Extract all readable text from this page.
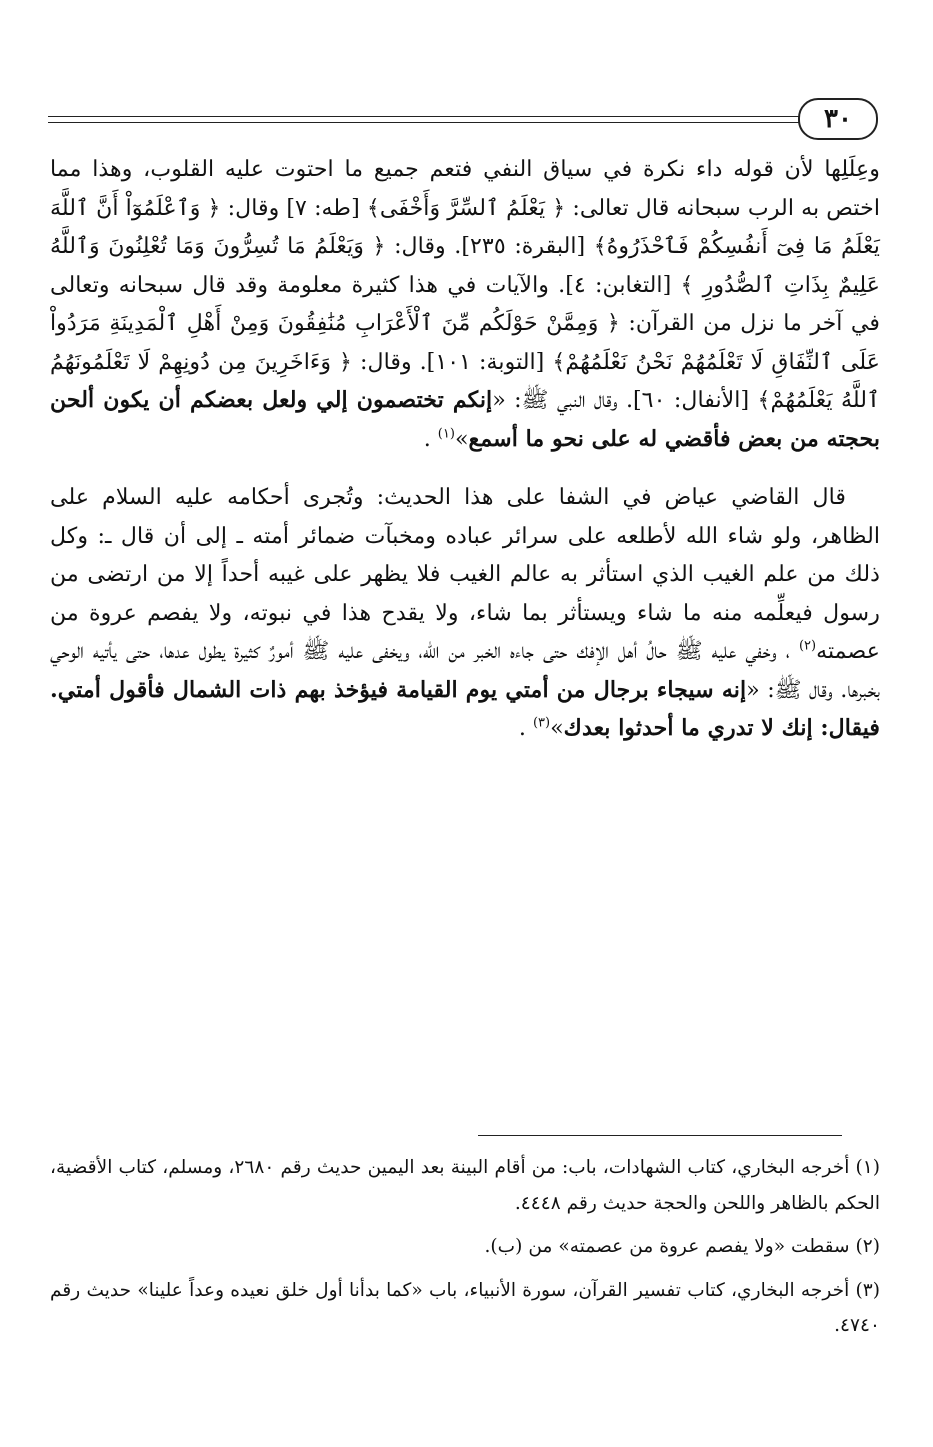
٣٠

وعِلَلِها لأن قوله داء نكرة في سياق النفي فتعم جميع ما احتوت عليه القلوب، وهذا مما اختص به الرب سبحانه قال تعالى: ﴿ يَعْلَمُ ٱلسِّرَّ وَأَخْفَى﴾ [طه: ٧] وقال: ﴿ وَٱعْلَمُوٓاْ أَنَّ ٱللَّهَ يَعْلَمُ مَا فِىٓ أَنفُسِكُمْ فَٱحْذَرُوهُ﴾ [البقرة: ٢٣٥]. وقال: ﴿ وَيَعْلَمُ مَا تُسِرُّونَ وَمَا تُعْلِنُونَ وَٱللَّهُ عَلِيمٌ بِذَاتِ ٱلصُّدُورِ ﴾ [التغابن: ٤]. والآيات في هذا كثيرة معلومة وقد قال سبحانه وتعالى في آخر ما نزل من القرآن: ﴿ وَمِمَّنْ حَوْلَكُم مِّنَ ٱلْأَعْرَابِ مُنَٰفِقُونَ وَمِنْ أَهْلِ ٱلْمَدِينَةِ مَرَدُواْ عَلَى ٱلنِّفَاقِ لَا تَعْلَمُهُمْ نَحْنُ نَعْلَمُهُمْ﴾ [التوبة: ١٠١]. وقال: ﴿ وَءَاخَرِينَ مِن دُونِهِمْ لَا تَعْلَمُونَهُمُ ٱللَّهُ يَعْلَمُهُمْ﴾ [الأنفال: ٦٠]. وقال النبي ﷺ: «إنكم تختصمون إلي ولعل بعضكم أن يكون ألحن بحجته من بعض فأقضي له على نحو ما أسمع»$^{(١)}$ .

قال القاضي عياض في الشفا على هذا الحديث: وتُجرى أحكامه عليه السلام على الظاهر، ولو شاء الله لأطلعه على سرائر عباده ومخبآت ضمائر أمته ـ إلى أن قال ـ: وكل ذلك من علم الغيب الذي استأثر به عالم الغيب فلا يظهر على غيبه أحداً إلا من ارتضى من رسول فيعلِّمه منه ما شاء ويستأثر بما شاء، ولا يقدح هذا في نبوته، ولا يفصم عروة من عصمته$^{(٢)}$ ، وخفي عليه ﷺ حالُ أهل الإفك حتى جاءه الخبر من الله، ويخفى عليه ﷺ أمورٌ كثيرة يطول عدها، حتى يأتيه الوحي بخبرها. وقال ﷺ: «إنه سيجاء برجال من أمتي يوم القيامة فيؤخذ بهم ذات الشمال فأقول أمتي. فيقال: إنك لا تدري ما أحدثوا بعدك»$^{(٣)}$ .

(١) أخرجه البخاري، كتاب الشهادات، باب: من أقام البينة بعد اليمين حديث رقم ٢٦٨٠، ومسلم، كتاب الأقضية، الحكم بالظاهر واللحن والحجة حديث رقم ٤٤٤٨.

(٢) سقطت «ولا يفصم عروة من عصمته» من (ب).

(٣) أخرجه البخاري، كتاب تفسير القرآن، سورة الأنبياء، باب «كما بدأنا أول خلق نعيده وعداً علينا» حديث رقم ٤٧٤٠.
